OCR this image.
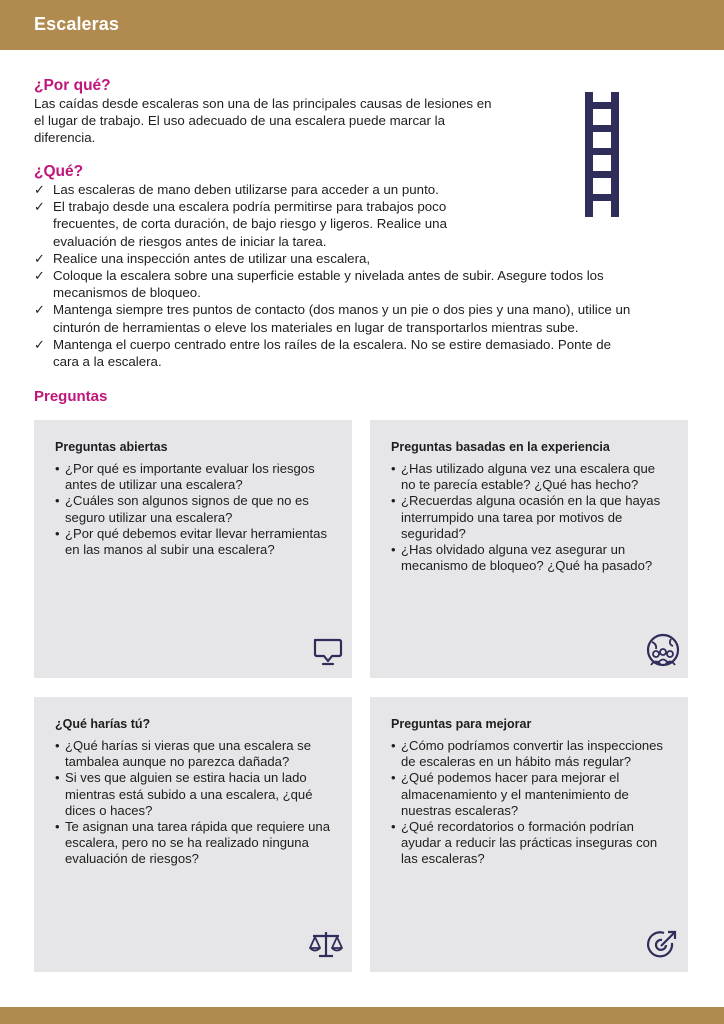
Escaleras
¿Por qué?
Las caídas desde escaleras son una de las principales causas de lesiones en el lugar de trabajo. El uso adecuado de una escalera puede marcar la diferencia.
¿Qué?
✓ Las escaleras de mano deben utilizarse para acceder a un punto.
✓ El trabajo desde una escalera podría permitirse para trabajos poco frecuentes, de corta duración, de bajo riesgo y ligeros. Realice una evaluación de riesgos antes de iniciar la tarea.
✓ Realice una inspección antes de utilizar una escalera,
✓ Coloque la escalera sobre una superficie estable y nivelada antes de subir. Asegure todos los mecanismos de bloqueo.
✓ Mantenga siempre tres puntos de contacto (dos manos y un pie o dos pies y una mano), utilice un cinturón de herramientas o eleve los materiales en lugar de transportarlos mientras sube.
✓ Mantenga el cuerpo centrado entre los raíles de la escalera. No se estire demasiado. Ponte de cara a la escalera.
Preguntas
Preguntas abiertas
• ¿Por qué es importante evaluar los riesgos antes de utilizar una escalera?
• ¿Cuáles son algunos signos de que no es seguro utilizar una escalera?
• ¿Por qué debemos evitar llevar herramientas en las manos al subir una escalera?
Preguntas basadas en la experiencia
• ¿Has utilizado alguna vez una escalera que no te parecía estable? ¿Qué has hecho?
• ¿Recuerdas alguna ocasión en la que hayas interrumpido una tarea por motivos de seguridad?
• ¿Has olvidado alguna vez asegurar un mecanismo de bloqueo? ¿Qué ha pasado?
¿Qué harías tú?
• ¿Qué harías si vieras que una escalera se tambalea aunque no parezca dañada?
• Si ves que alguien se estira hacia un lado mientras está subido a una escalera, ¿qué dices o haces?
• Te asignan una tarea rápida que requiere una escalera, pero no se ha realizado ninguna evaluación de riesgos?
Preguntas para mejorar
• ¿Cómo podríamos convertir las inspecciones de escaleras en un hábito más regular?
• ¿Qué podemos hacer para mejorar el almacenamiento y el mantenimiento de nuestras escaleras?
• ¿Qué recordatorios o formación podrían ayudar a reducir las prácticas inseguras con las escaleras?
